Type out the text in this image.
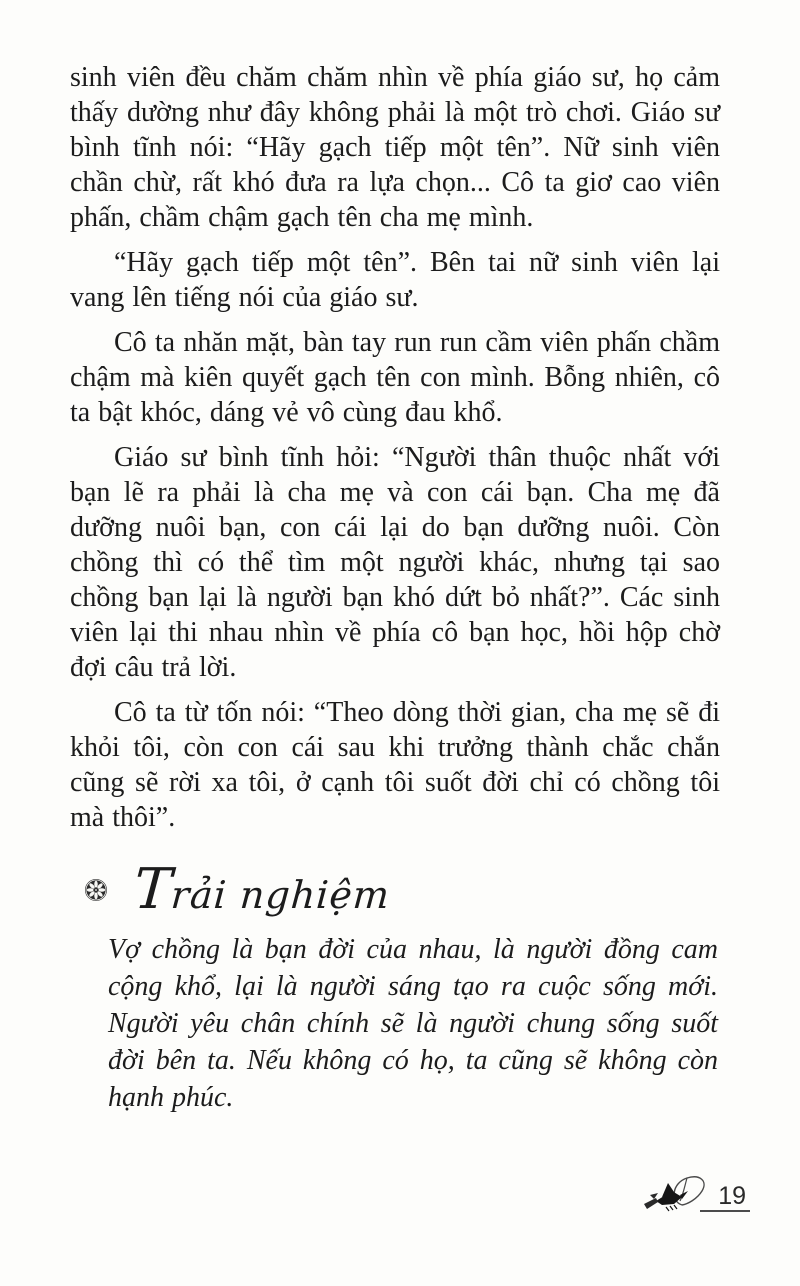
sinh viên đều chăm chăm nhìn về phía giáo sư, họ cảm thấy dường như đây không phải là một trò chơi. Giáo sư bình tĩnh nói: “Hãy gạch tiếp một tên”. Nữ sinh viên chần chừ, rất khó đưa ra lựa chọn... Cô ta giơ cao viên phấn, chầm chậm gạch tên cha mẹ mình.

“Hãy gạch tiếp một tên”. Bên tai nữ sinh viên lại vang lên tiếng nói của giáo sư.

Cô ta nhăn mặt, bàn tay run run cầm viên phấn chầm chậm mà kiên quyết gạch tên con mình. Bỗng nhiên, cô ta bật khóc, dáng vẻ vô cùng đau khổ.

Giáo sư bình tĩnh hỏi: “Người thân thuộc nhất với bạn lẽ ra phải là cha mẹ và con cái bạn. Cha mẹ đã dưỡng nuôi bạn, con cái lại do bạn dưỡng nuôi. Còn chồng thì có thể tìm một người khác, nhưng tại sao chồng bạn lại là người bạn khó dứt bỏ nhất?”. Các sinh viên lại thi nhau nhìn về phía cô bạn học, hồi hộp chờ đợi câu trả lời.

Cô ta từ tốn nói: “Theo dòng thời gian, cha mẹ sẽ đi khỏi tôi, còn con cái sau khi trưởng thành chắc chắn cũng sẽ rời xa tôi, ở cạnh tôi suốt đời chỉ có chồng tôi mà thôi”.

Trải nghiệm

Vợ chồng là bạn đời của nhau, là người đồng cam cộng khổ, lại là người sáng tạo ra cuộc sống mới. Người yêu chân chính sẽ là người chung sống suốt đời bên ta. Nếu không có họ, ta cũng sẽ không còn hạnh phúc.

19
